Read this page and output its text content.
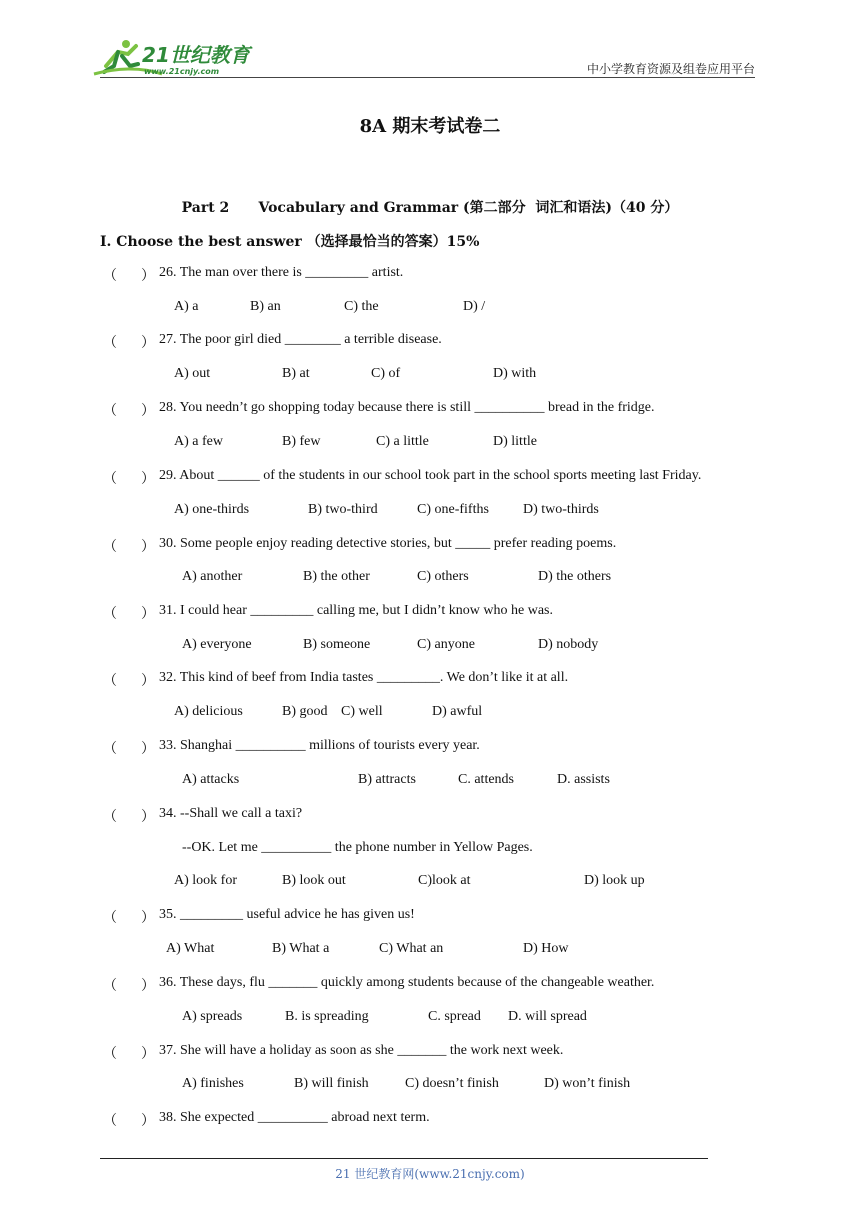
21世纪教育
www.21cnjy.com	中小学教育资源及组卷应用平台
8A 期末考试卷二
Part 2      Vocabulary and Grammar (第二部分  词汇和语法)（40 分）
I. Choose the best answer （选择最恰当的答案）15%
（ ） 26. The man over there is _________ artist.
A) a	B) an	C) the	D) /
（ ） 27. The poor girl died ________ a terrible disease.
A) out	B) at	C) of	D) with
（ ） 28. You needn’t go shopping today because there is still __________ bread in the fridge.
A) a few	B) few	C) a little	D) little
（ ） 29. About ______ of the students in our school took part in the school sports meeting last Friday.
A) one-thirds	B) two-third	C) one-fifths D) two-thirds
（ ） 30. Some people enjoy reading detective stories, but _____ prefer reading poems.
A) another	B) the other	C) others	D) the others
（ ） 31. I could hear _________ calling me, but I didn’t know who he was.
A) everyone	B) someone	C) anyone	D) nobody
（ ） 32. This kind of beef from India tastes _________. We don’t like it at all.
A) delicious	B) good C) well	D) awful
（ ） 33. Shanghai __________ millions of tourists every year.
A) attacks	B) attracts	C. attends	D. assists
（ ） 34. --Shall we call a taxi?
--OK. Let me __________ the phone number in Yellow Pages.
A) look for	B) look out	C)look at	D) look up
（ ） 35. _________ useful advice he has given us!
A) What	B) What a	C) What an	D) How
（ ） 36. These days, flu _______ quickly among students because of the changeable weather.
A) spreads	B. is spreading	C. spread D. will spread
（ ） 37. She will have a holiday as soon as she _______ the work next week.
A) finishes	B) will finish	C) doesn’t finish	D) won’t finish
（ ） 38. She expected __________ abroad next term.
21 世纪教育网(www.21cnjy.com)
